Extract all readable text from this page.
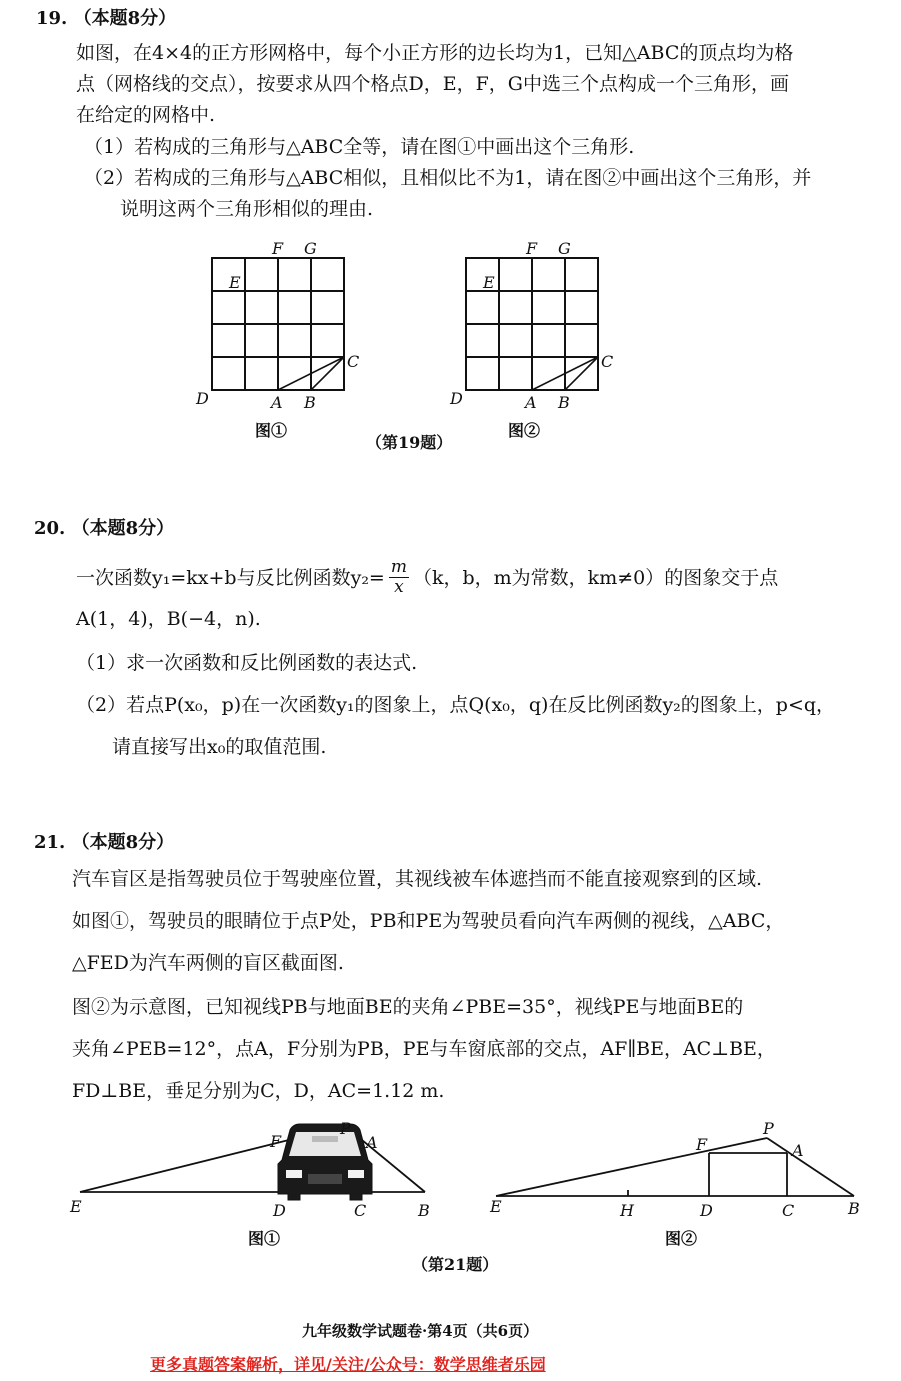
19. （本题8分）
如图，在4×4的正方形网格中，每个小正方形的边长均为1，已知△ABC的顶点均为格
点（网格线的交点），按要求从四个格点D，E，F，G中选三个点构成一个三角形，画
在给定的网格中.
（1）若构成的三角形与△ABC全等，请在图①中画出这个三角形.
（2）若构成的三角形与△ABC相似，且相似比不为1，请在图②中画出这个三角形，并
说明这两个三角形相似的理由.
F G
E
C
D	A B
F G
E
C
D	A B
图①	图②
（第19题）
20. （本题8分）
一次函数y₁=kx+b与反比例函数$y_2= \frac{m}{x} (k$，b，m为常数，km≠0）的图象交于点
A(1，4)，B(−4，n).
（1）求一次函数和反比例函数的表达式.
（2）若点P(x₀，p)在一次函数y₁的图象上，点Q(x₀，q)在反比例函数y₂的图象上，p<q，
请直接写出x₀的取值范围.
21. （本题8分）
汽车盲区是指驾驶员位于驾驶座位置，其视线被车体遮挡而不能直接观察到的区域.
如图①，驾驶员的眼睛位于点P处，PB和PE为驾驶员看向汽车两侧的视线，△ABC，
△FED为汽车两侧的盲区截面图.
图②为示意图，已知视线PB与地面BE的夹角∠PBE=35°，视线PE与地面BE的
夹角∠PEB=12°，点A，F分别为PB，PE与车窗底部的交点，AF∥BE，AC⊥BE，
FD⊥BE，垂足分别为C，D，AC=1.12 m.
F
P
A
E	D	C	B
F
P
A
E	H	D	C	B
图①	图②
（第21题）
九年级数学试题卷·第4页（共6页）
更多真题答案解析，详见/关注/公众号：数学思维者乐园
